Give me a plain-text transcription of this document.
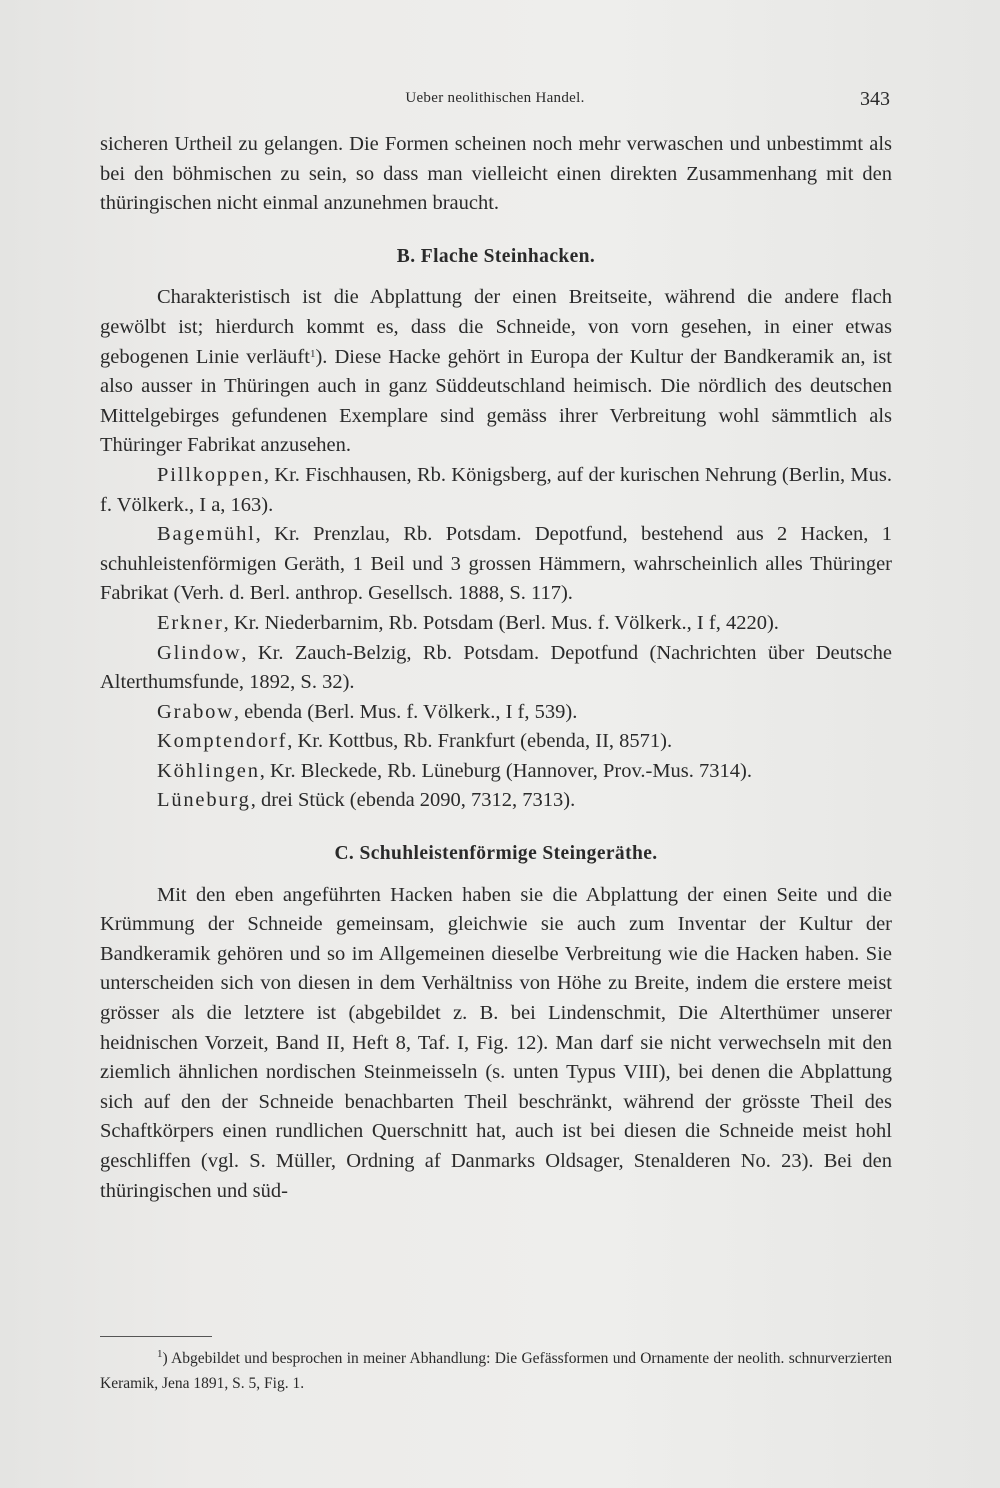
Ueber neolithischen Handel.	343

sicheren Urtheil zu gelangen. Die Formen scheinen noch mehr verwaschen und unbestimmt als bei den böhmischen zu sein, so dass man vielleicht einen direkten Zusammenhang mit den thüringischen nicht einmal anzunehmen braucht.

B. Flache Steinhacken.

Charakteristisch ist die Abplattung der einen Breitseite, während die andere flach gewölbt ist; hierdurch kommt es, dass die Schneide, von vorn gesehen, in einer etwas gebogenen Linie verläuft$^1$). Diese Hacke gehört in Europa der Kultur der Bandkeramik an, ist also ausser in Thüringen auch in ganz Süddeutschland heimisch. Die nördlich des deutschen Mittelgebirges gefundenen Exemplare sind gemäss ihrer Verbreitung wohl sämmtlich als Thüringer Fabrikat anzusehen.

Pillkoppen, Kr. Fischhausen, Rb. Königsberg, auf der kurischen Nehrung (Berlin, Mus. f. Völkerk., I a, 163).

Bagemühl, Kr. Prenzlau, Rb. Potsdam. Depotfund, bestehend aus 2 Hacken, 1 schuhleistenförmigen Geräth, 1 Beil und 3 grossen Hämmern, wahrscheinlich alles Thüringer Fabrikat (Verh. d. Berl. anthrop. Gesellsch. 1888, S. 117).

Erkner, Kr. Niederbarnim, Rb. Potsdam (Berl. Mus. f. Völkerk., I f, 4220).

Glindow, Kr. Zauch-Belzig, Rb. Potsdam. Depotfund (Nachrichten über Deutsche Alterthumsfunde, 1892, S. 32).

Grabow, ebenda (Berl. Mus. f. Völkerk., I f, 539).

Komptendorf, Kr. Kottbus, Rb. Frankfurt (ebenda, II, 8571).

Köhlingen, Kr. Bleckede, Rb. Lüneburg (Hannover, Prov.-Mus. 7314).

Lüneburg, drei Stück (ebenda 2090, 7312, 7313).

C. Schuhleistenförmige Steingeräthe.

Mit den eben angeführten Hacken haben sie die Abplattung der einen Seite und die Krümmung der Schneide gemeinsam, gleichwie sie auch zum Inventar der Kultur der Bandkeramik gehören und so im Allgemeinen dieselbe Verbreitung wie die Hacken haben. Sie unterscheiden sich von diesen in dem Verhältniss von Höhe zu Breite, indem die erstere meist grösser als die letztere ist (abgebildet z. B. bei Lindenschmit, Die Alterthümer unserer heidnischen Vorzeit, Band II, Heft 8, Taf. I, Fig. 12). Man darf sie nicht verwechseln mit den ziemlich ähnlichen nordischen Steinmeisseln (s. unten Typus VIII), bei denen die Abplattung sich auf den der Schneide benachbarten Theil beschränkt, während der grösste Theil des Schaftkörpers einen rundlichen Querschnitt hat, auch ist bei diesen die Schneide meist hohl geschliffen (vgl. S. Müller, Ordning af Danmarks Oldsager, Stenalderen No. 23). Bei den thüringischen und süd-

$^1$) Abgebildet und besprochen in meiner Abhandlung: Die Gefässformen und Ornamente der neolith. schnurverzierten Keramik, Jena 1891, S. 5, Fig. 1.
